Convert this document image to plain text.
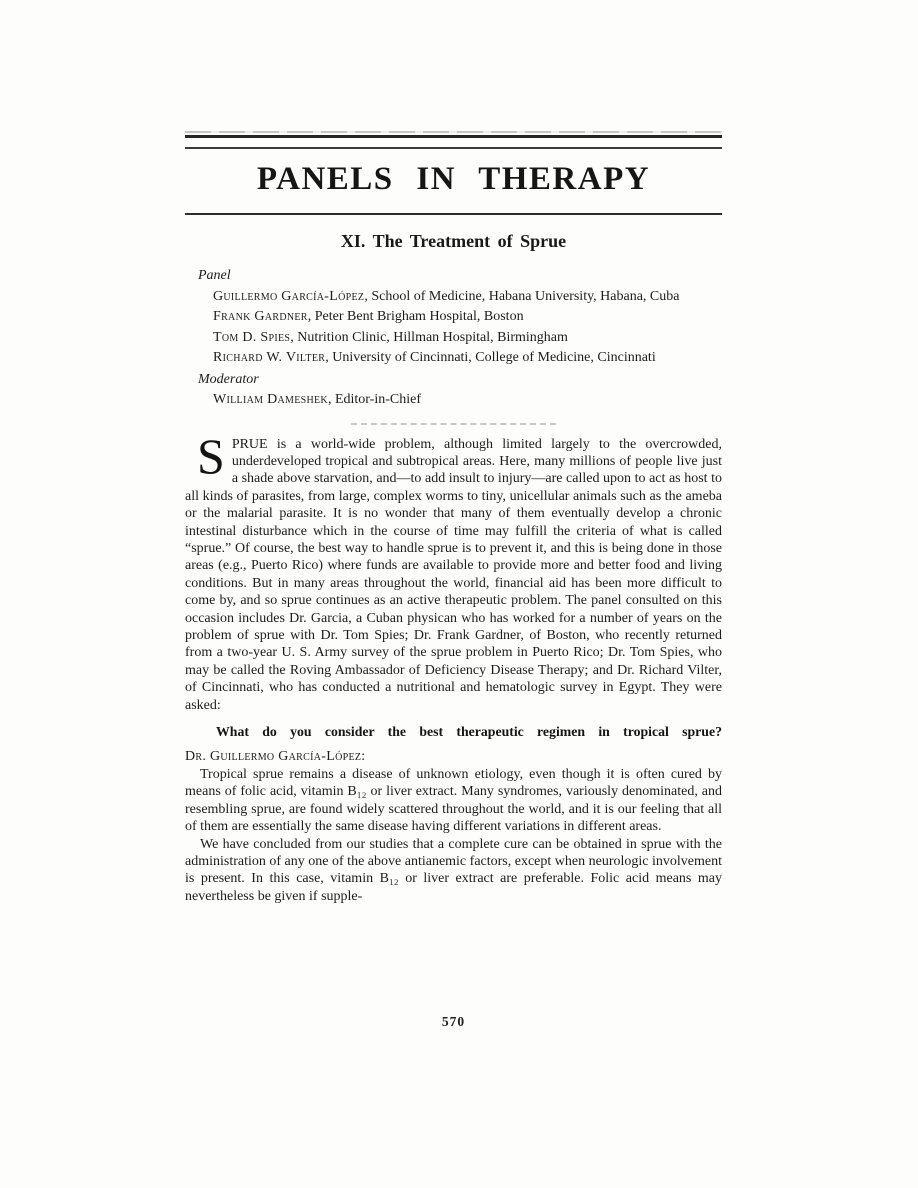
PANELS IN THERAPY
XI. The Treatment of Sprue
Panel
Guillermo García-López, School of Medicine, Habana University, Habana, Cuba
Frank Gardner, Peter Bent Brigham Hospital, Boston
Tom D. Spies, Nutrition Clinic, Hillman Hospital, Birmingham
Richard W. Vilter, University of Cincinnati, College of Medicine, Cincinnati
Moderator
William Dameshek, Editor-in-Chief

SPRUE is a world-wide problem, although limited largely to the overcrowded, underdeveloped tropical and subtropical areas. Here, many millions of people live just a shade above starvation, and—to add insult to injury—are called upon to act as host to all kinds of parasites, from large, complex worms to tiny, unicellular animals such as the ameba or the malarial parasite. It is no wonder that many of them eventually develop a chronic intestinal disturbance which in the course of time may fulfill the criteria of what is called “sprue.” Of course, the best way to handle sprue is to prevent it, and this is being done in those areas (e.g., Puerto Rico) where funds are available to provide more and better food and living conditions. But in many areas throughout the world, financial aid has been more difficult to come by, and so sprue continues as an active therapeutic problem. The panel consulted on this occasion includes Dr. Garcia, a Cuban physican who has worked for a number of years on the problem of sprue with Dr. Tom Spies; Dr. Frank Gardner, of Boston, who recently returned from a two-year U. S. Army survey of the sprue problem in Puerto Rico; Dr. Tom Spies, who may be called the Roving Ambassador of Deficiency Disease Therapy; and Dr. Richard Vilter, of Cincinnati, who has conducted a nutritional and hematologic survey in Egypt. They were asked:

What do you consider the best therapeutic regimen in tropical sprue?

Dr. Guillermo García-López:

Tropical sprue remains a disease of unknown etiology, even though it is often cured by means of folic acid, vitamin B₁₂ or liver extract. Many syndromes, variously denominated, and resembling sprue, are found widely scattered throughout the world, and it is our feeling that all of them are essentially the same disease having different variations in different areas.

We have concluded from our studies that a complete cure can be obtained in sprue with the administration of any one of the above antianemic factors, except when neurologic involvement is present. In this case, vitamin B₁₂ or liver extract are preferable. Folic acid means may nevertheless be given if supple-

570
